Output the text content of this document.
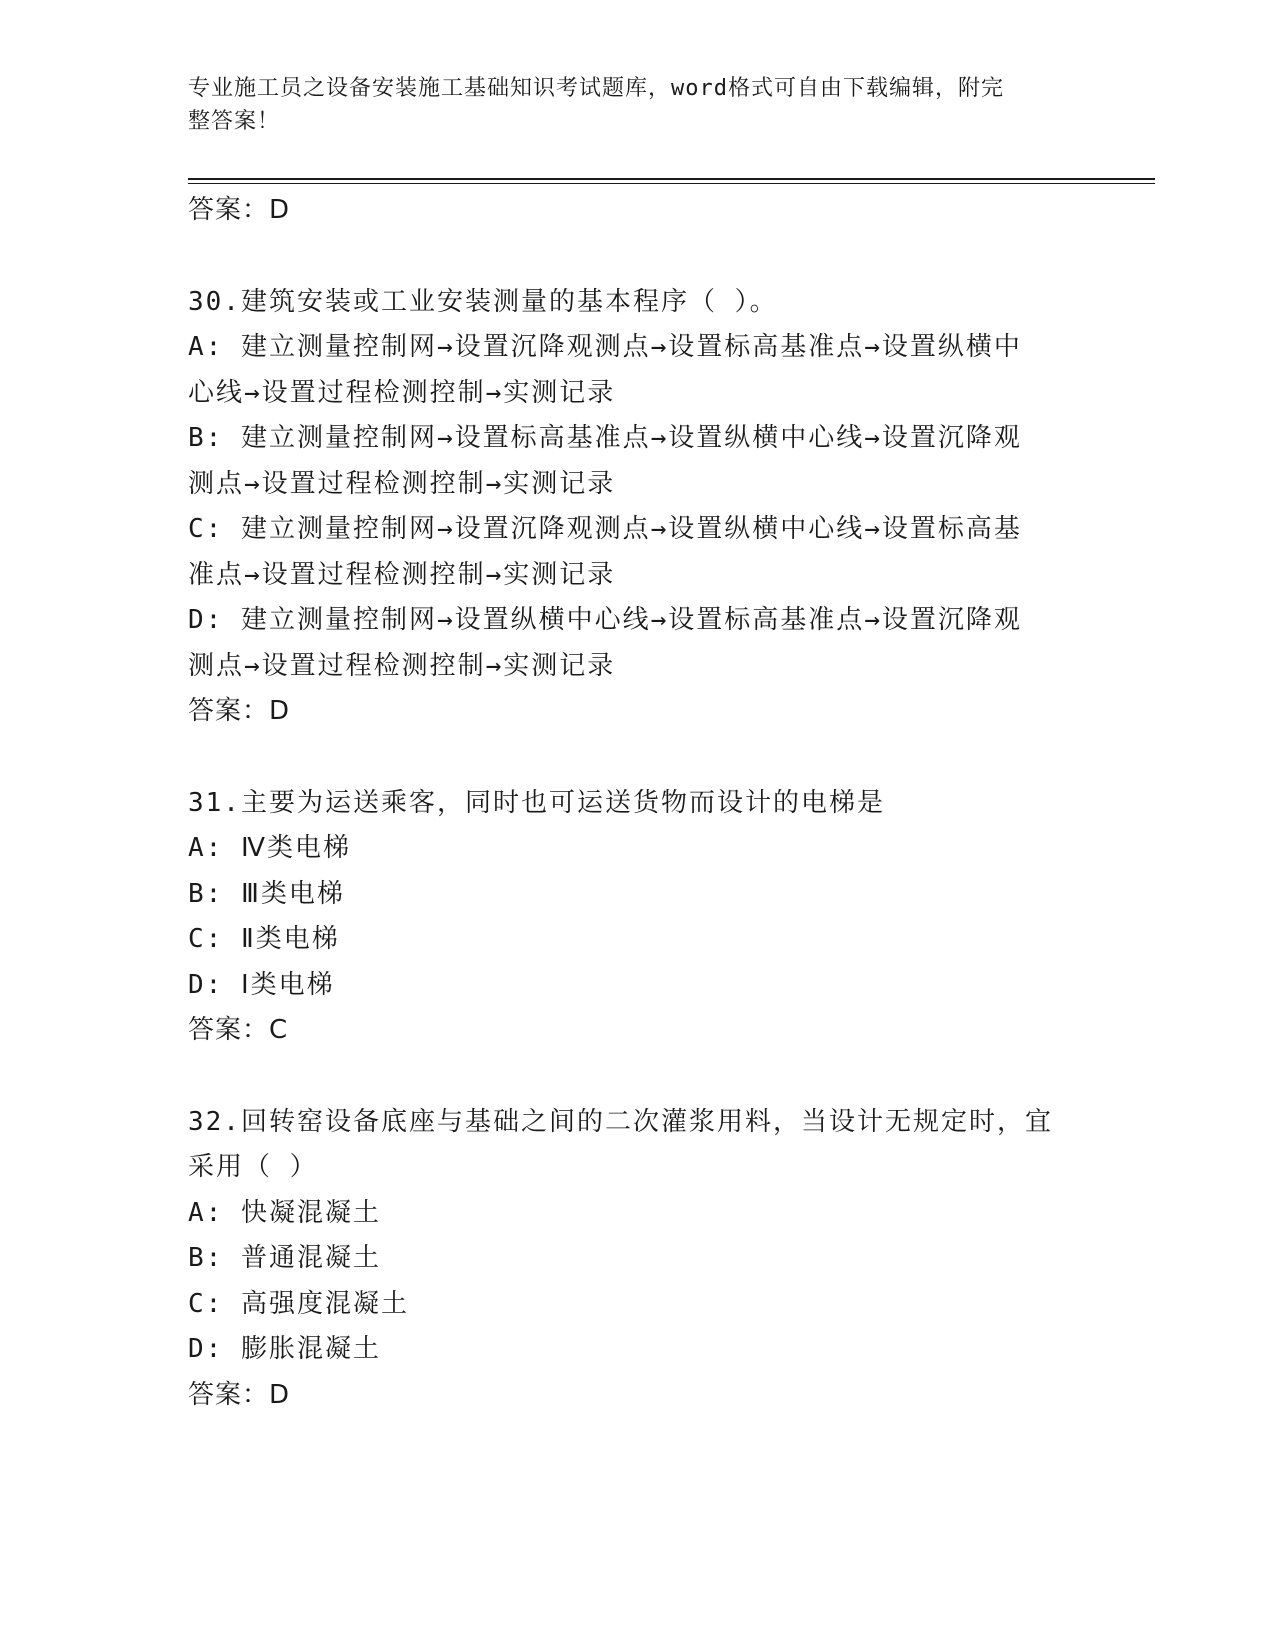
专业施工员之设备安装施工基础知识考试题库，word格式可自由下载编辑，附完
整答案！
答案：D
30.建筑安装或工业安装测量的基本程序（ ）。
A: 建立测量控制网→设置沉降观测点→设置标高基准点→设置纵横中
心线→设置过程检测控制→实测记录
B: 建立测量控制网→设置标高基准点→设置纵横中心线→设置沉降观
测点→设置过程检测控制→实测记录
C: 建立测量控制网→设置沉降观测点→设置纵横中心线→设置标高基
准点→设置过程检测控制→实测记录
D: 建立测量控制网→设置纵横中心线→设置标高基准点→设置沉降观
测点→设置过程检测控制→实测记录
答案：D
31.主要为运送乘客，同时也可运送货物而设计的电梯是
A: Ⅳ类电梯
B: Ⅲ类电梯
C: Ⅱ类电梯
D: Ⅰ类电梯
答案：C
32.回转窑设备底座与基础之间的二次灌浆用料，当设计无规定时，宜
采用（ ）
A: 快凝混凝土
B: 普通混凝土
C: 高强度混凝土
D: 膨胀混凝土
答案：D
